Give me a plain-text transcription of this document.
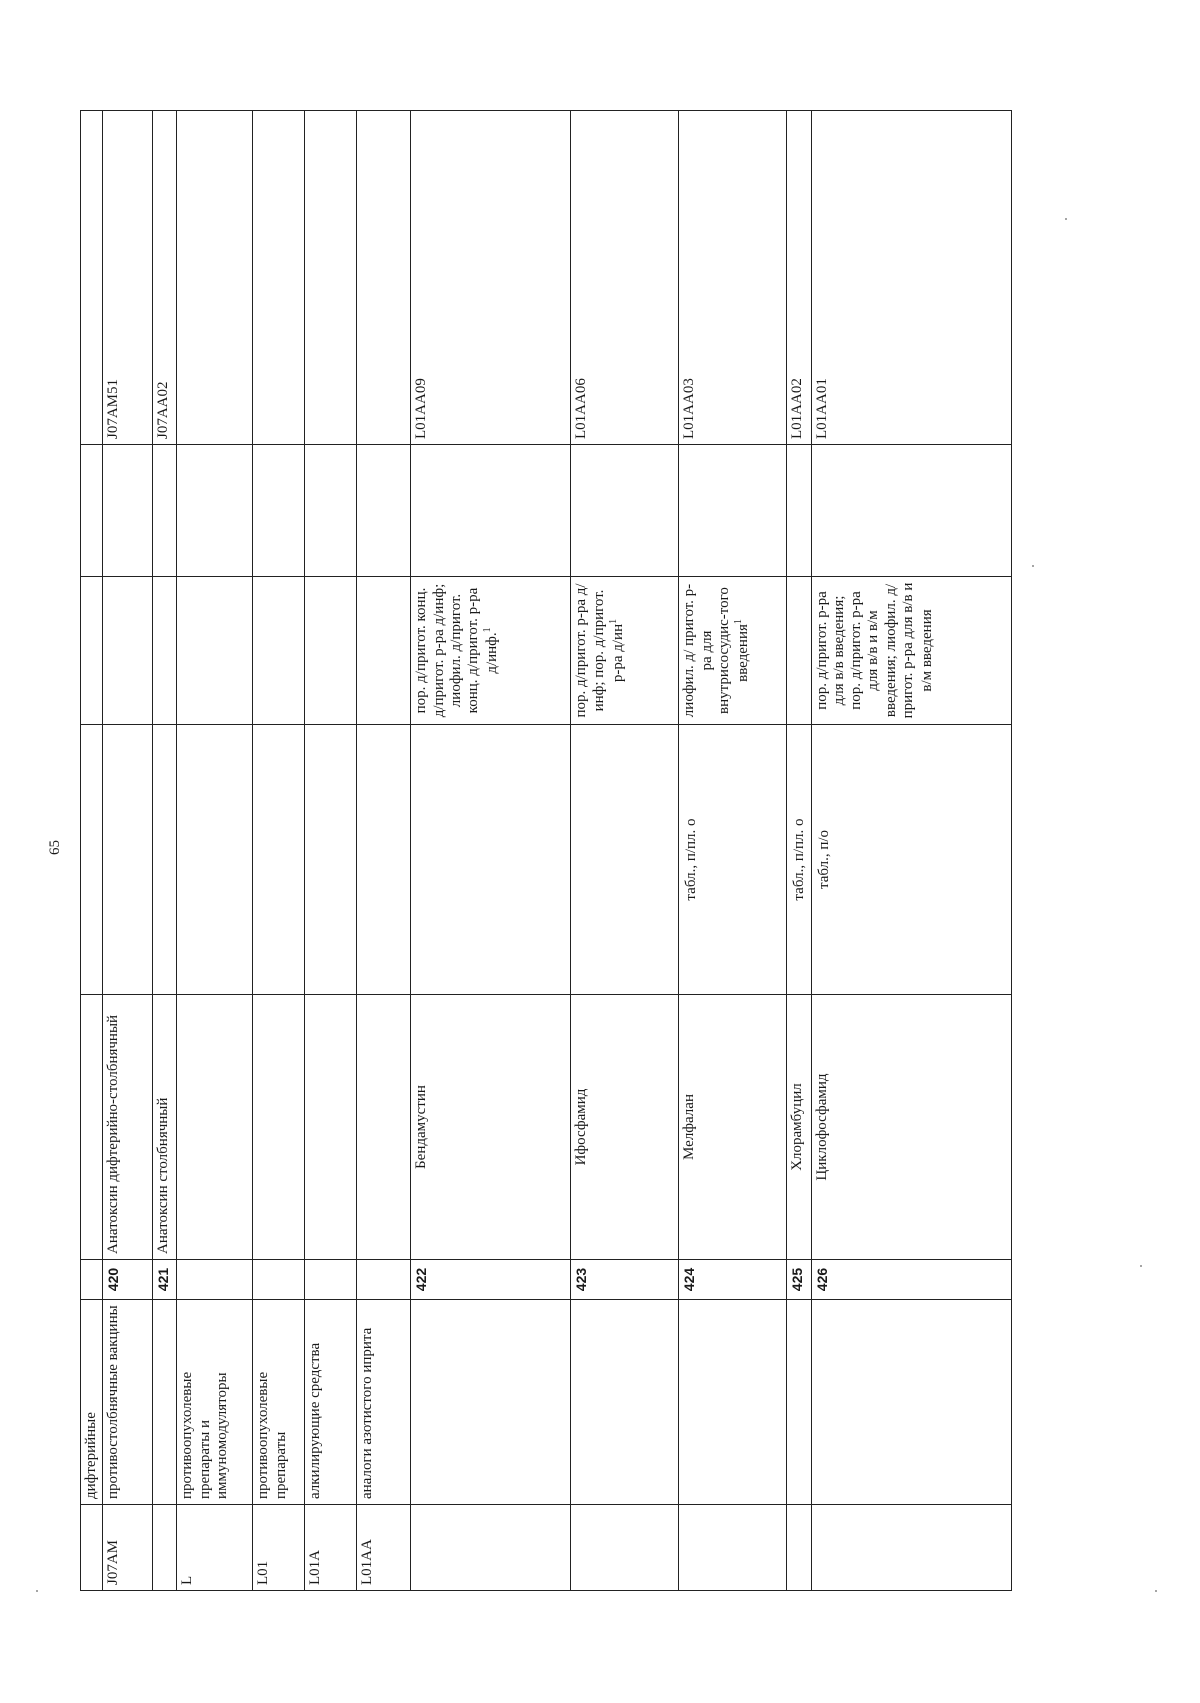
65
	дифтерийные						
J07AM	противостолбнячные вакцины	420	Анатоксин дифтерийно-столбнячный				J07AM51
		421	Анатоксин столбнячный				J07AA02
L	противоопухолевые препараты и иммуномодуляторы						
L01	противоопухолевые препараты						
L01A	алкилирующие средства						
L01AA	аналоги азотистого иприта						
		422	Бендамустин		пор. д/пригот. конц. д/пригот. р-ра д/инф; лиофил. д/пригот. конц. д/пригот. р-ра д/инф.$^1$		L01AA09
		423	Ифосфамид		пор. д/пригот. р-ра д/инф; пор. д/пригот. р-ра $д/ин^1$		L01AA06
		424	Мелфалан	табл., п/пл. о	лиофил. д/ пригот. р-ра для внутрисосудис-того введения$^1$		L01AA03
		425	Хлорамбуцил	табл., п/пл. о			L01AA02
		426	Циклофосфамид	табл., п/о	пор. д/пригот. р-ра для в/в введения; пор. д/пригот. р-ра для в/в и в/м введения; лиофил. д/пригот. р-ра для в/в и в/м введения		L01AA01
